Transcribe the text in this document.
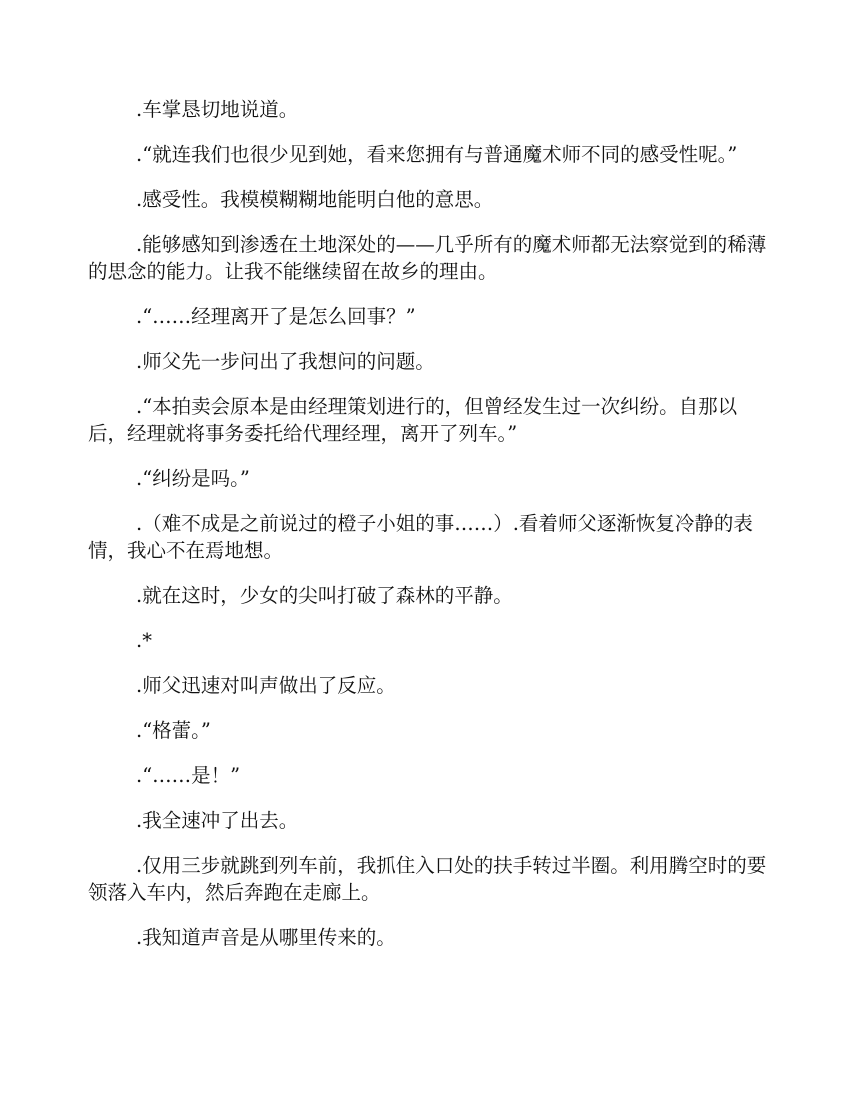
.车掌恳切地说道。

.“就连我们也很少见到她，看来您拥有与普通魔术师不同的感受性呢。”

.感受性。我模模糊糊地能明白他的意思。

.能够感知到渗透在土地深处的——几乎所有的魔术师都无法察觉到的稀薄的思念的能力。让我不能继续留在故乡的理由。

.“……经理离开了是怎么回事？”

.师父先一步问出了我想问的问题。

.“本拍卖会原本是由经理策划进行的，但曾经发生过一次纠纷。自那以后，经理就将事务委托给代理经理，离开了列车。”

.“纠纷是吗。”

.（难不成是之前说过的橙子小姐的事……）.看着师父逐渐恢复冷静的表情，我心不在焉地想。

.就在这时，少女的尖叫打破了森林的平静。

.*

.师父迅速对叫声做出了反应。

.“格蕾。”

.“……是！”

.我全速冲了出去。

.仅用三步就跳到列车前，我抓住入口处的扶手转过半圈。利用腾空时的要领落入车内，然后奔跑在走廊上。

.我知道声音是从哪里传来的。
